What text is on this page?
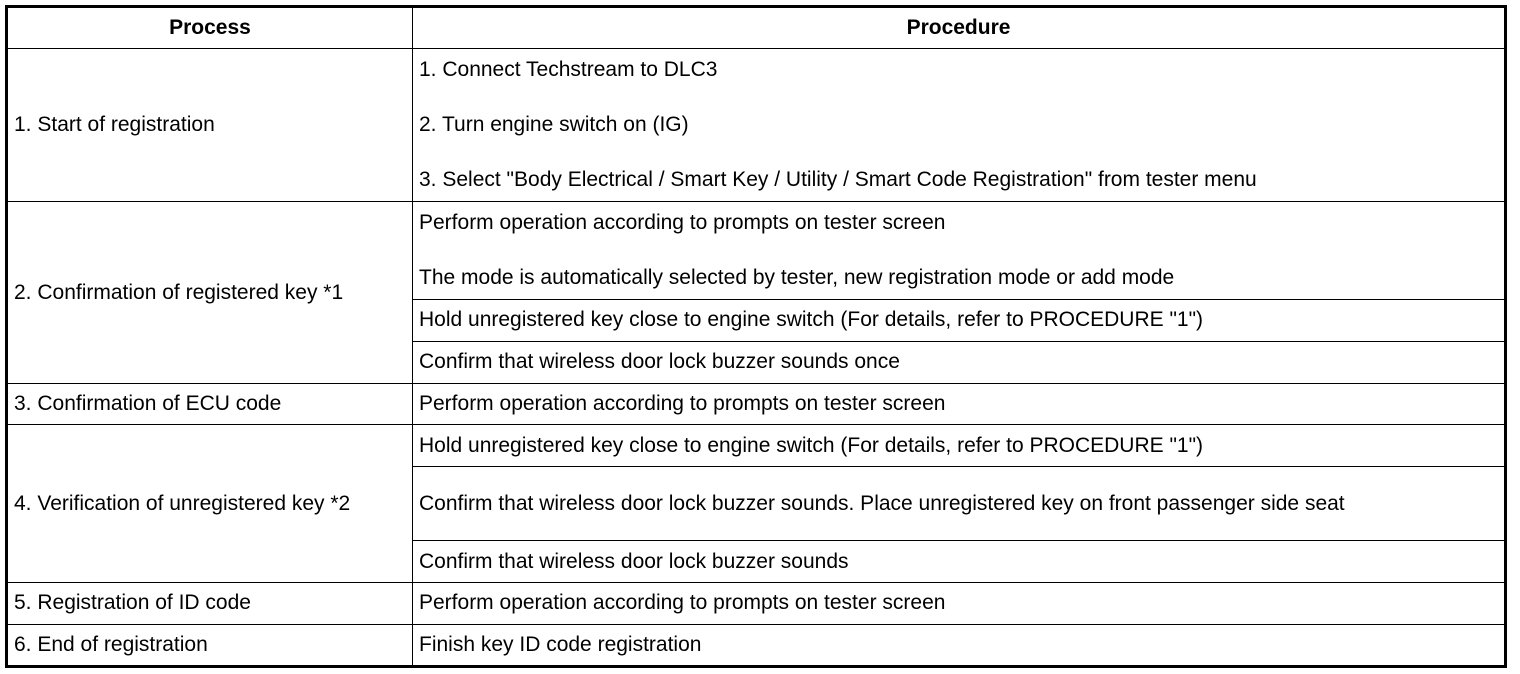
Process	Procedure
1. Start of registration	1. Connect Techstream to DLC3

2. Turn engine switch on (IG)

3. Select "Body Electrical / Smart Key / Utility / Smart Code Registration" from tester menu

2. Confirmation of registered key *1	Perform operation according to prompts on tester screen

The mode is automatically selected by tester, new registration mode or add mode

	Hold unregistered key close to engine switch (For details, refer to PROCEDURE "1")
	Confirm that wireless door lock buzzer sounds once
3. Confirmation of ECU code	Perform operation according to prompts on tester screen
4. Verification of unregistered key *2	Hold unregistered key close to engine switch (For details, refer to PROCEDURE "1")
	Confirm that wireless door lock buzzer sounds. Place unregistered key on front passenger side seat
	Confirm that wireless door lock buzzer sounds
5. Registration of ID code	Perform operation according to prompts on tester screen
6. End of registration	Finish key ID code registration
